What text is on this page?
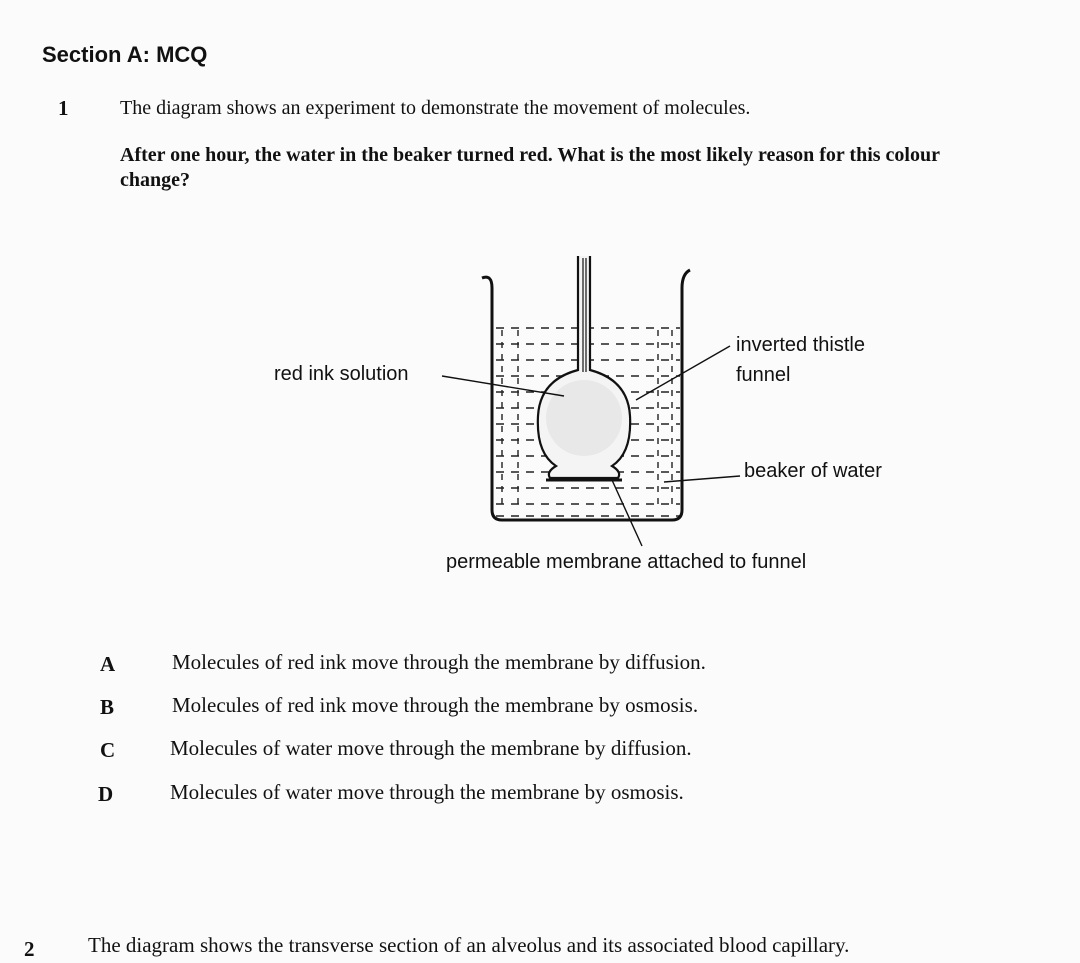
Section A: MCQ
1	The diagram shows an experiment to demonstrate the movement of molecules.
After one hour, the water in the beaker turned red. What is the most likely reason for this colour
change?
red ink solution
inverted thistle
funnel
beaker of water
permeable membrane attached to funnel
A	Molecules of red ink move through the membrane by diffusion.
B	Molecules of red ink move through the membrane by osmosis.
C	Molecules of water move through the membrane by diffusion.
D	Molecules of water move through the membrane by osmosis.
2	The diagram shows the transverse section of an alveolus and its associated blood capillary.
